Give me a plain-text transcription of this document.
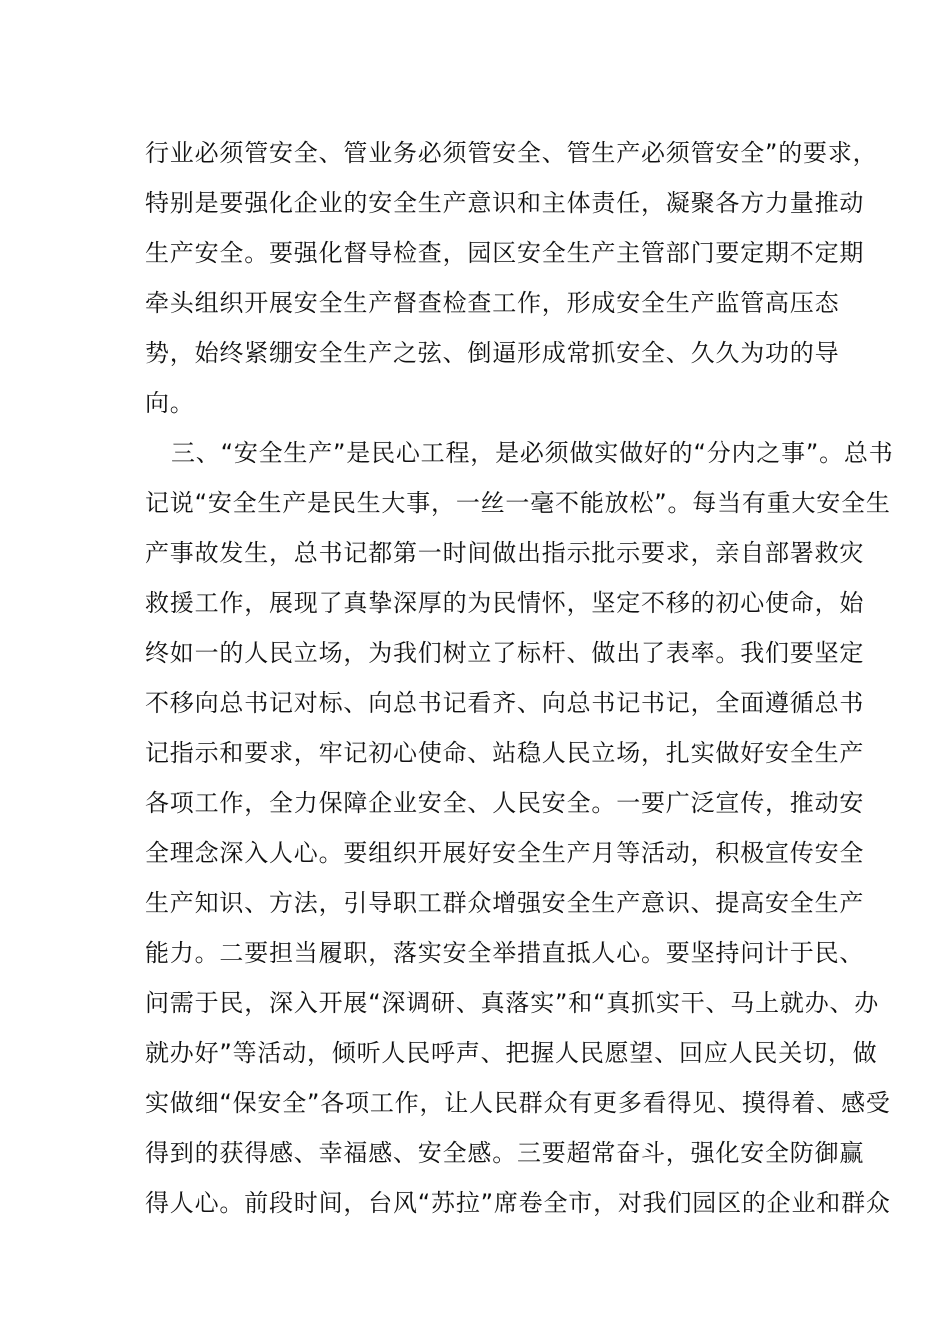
行业必须管安全、管业务必须管安全、管生产必须管安全”的要求，
特别是要强化企业的安全生产意识和主体责任，凝聚各方力量推动
生产安全。要强化督导检查，园区安全生产主管部门要定期不定期
牵头组织开展安全生产督查检查工作，形成安全生产监管高压态
势，始终紧绷安全生产之弦、倒逼形成常抓安全、久久为功的导
向。
三、“安全生产”是民心工程，是必须做实做好的“分内之事”。总书
记说“安全生产是民生大事，一丝一毫不能放松”。每当有重大安全生
产事故发生，总书记都第一时间做出指示批示要求，亲自部署救灾
救援工作，展现了真挚深厚的为民情怀，坚定不移的初心使命，始
终如一的人民立场，为我们树立了标杆、做出了表率。我们要坚定
不移向总书记对标、向总书记看齐、向总书记书记，全面遵循总书
记指示和要求，牢记初心使命、站稳人民立场，扎实做好安全生产
各项工作，全力保障企业安全、人民安全。一要广泛宣传，推动安
全理念深入人心。要组织开展好安全生产月等活动，积极宣传安全
生产知识、方法，引导职工群众增强安全生产意识、提高安全生产
能力。二要担当履职，落实安全举措直抵人心。要坚持问计于民、
问需于民，深入开展“深调研、真落实”和“真抓实干、马上就办、办
就办好”等活动，倾听人民呼声、把握人民愿望、回应人民关切，做
实做细“保安全”各项工作，让人民群众有更多看得见、摸得着、感受
得到的获得感、幸福感、安全感。三要超常奋斗，强化安全防御赢
得人心。前段时间，台风“苏拉”席卷全市，对我们园区的企业和群众
